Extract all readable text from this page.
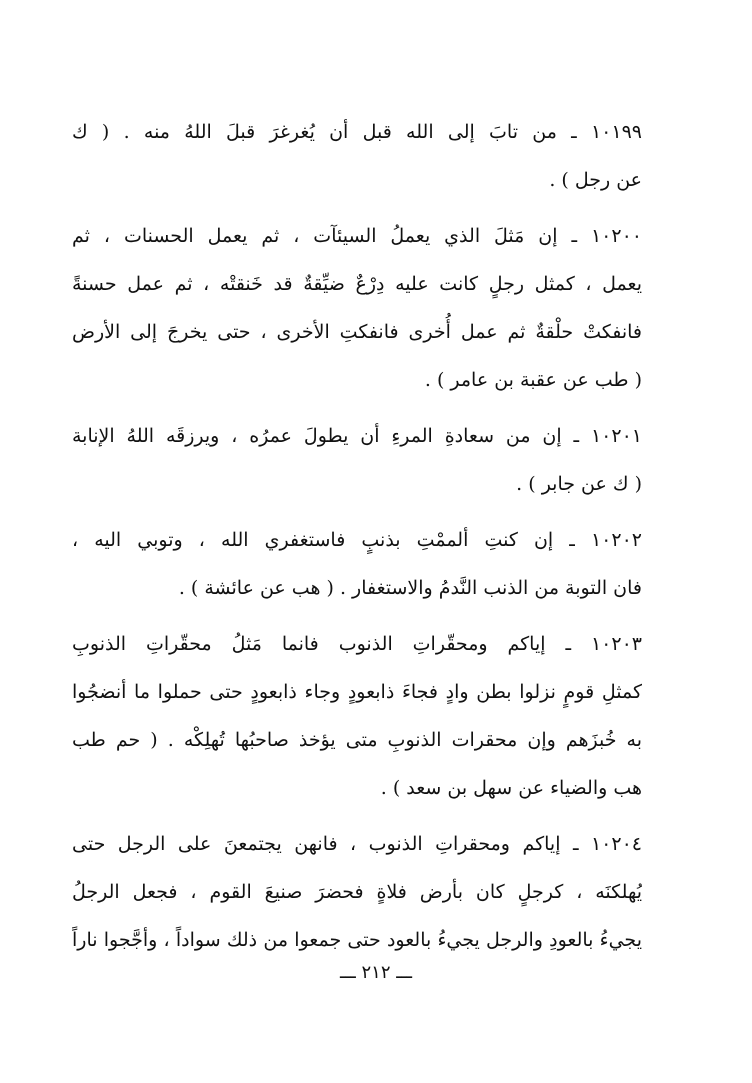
١٠١٩٩ ـ من تابَ إلى الله قبل أن يُغرغرَ قبلَ اللهُ منه . ( ك
عن رجل ) .
١٠٢٠٠ ـ إن مَثلَ الذي يعملُ السيئآت ، ثم يعمل الحسنات ، ثم
يعمل ، كمثل رجلٍ كانت عليه دِرْعٌ ضيِّقةٌ قد خَنقتْه ، ثم عمل حسنةً
فانفكتْ حلْقةٌ ثم عمل أُخرى فانفكتِ الأخرى ، حتى يخرجَ إلى الأرض
( طب عن عقبة بن عامر ) .
١٠٢٠١ ـ إن من سعادةِ المرءِ أن يطولَ عمرُه ، ويرزقَه اللهُ الإنابة
( ك عن جابر ) .
١٠٢٠٢ ـ إن كنتِ ألممْتِ بذنبٍ فاستغفري الله ، وتوبي اليه ،
فان التوبة من الذنب النَّدمُ والاستغفار . ( هب عن عائشة ) .
١٠٢٠٣ ـ إياكم ومحقّراتِ الذنوب فانما مَثلُ محقّراتِ الذنوبِ
كمثلِ قومٍ نزلوا بطن وادٍ فجاءَ ذابعودٍ وجاء ذابعودٍ حتى حملوا ما أنضجُوا
به خُبزَهم وإن محقرات الذنوبِ متى يؤخذ صاحبُها تُهلِكْه . ( حم طب
هب والضياء عن سهل بن سعد ) .
١٠٢٠٤ ـ إياكم ومحقراتِ الذنوب ، فانهن يجتمعنَ على الرجل حتى
يُهلكنَه ، كرجلٍ كان بأرض فلاةٍ فحضرَ صنيعَ القوم ، فجعل الرجلُ
يجيءُ بالعودِ والرجل يجيءُ بالعود حتى جمعوا من ذلك سواداً ، وأجَّجوا ناراً
ـــ ٢١٢ ـــ
